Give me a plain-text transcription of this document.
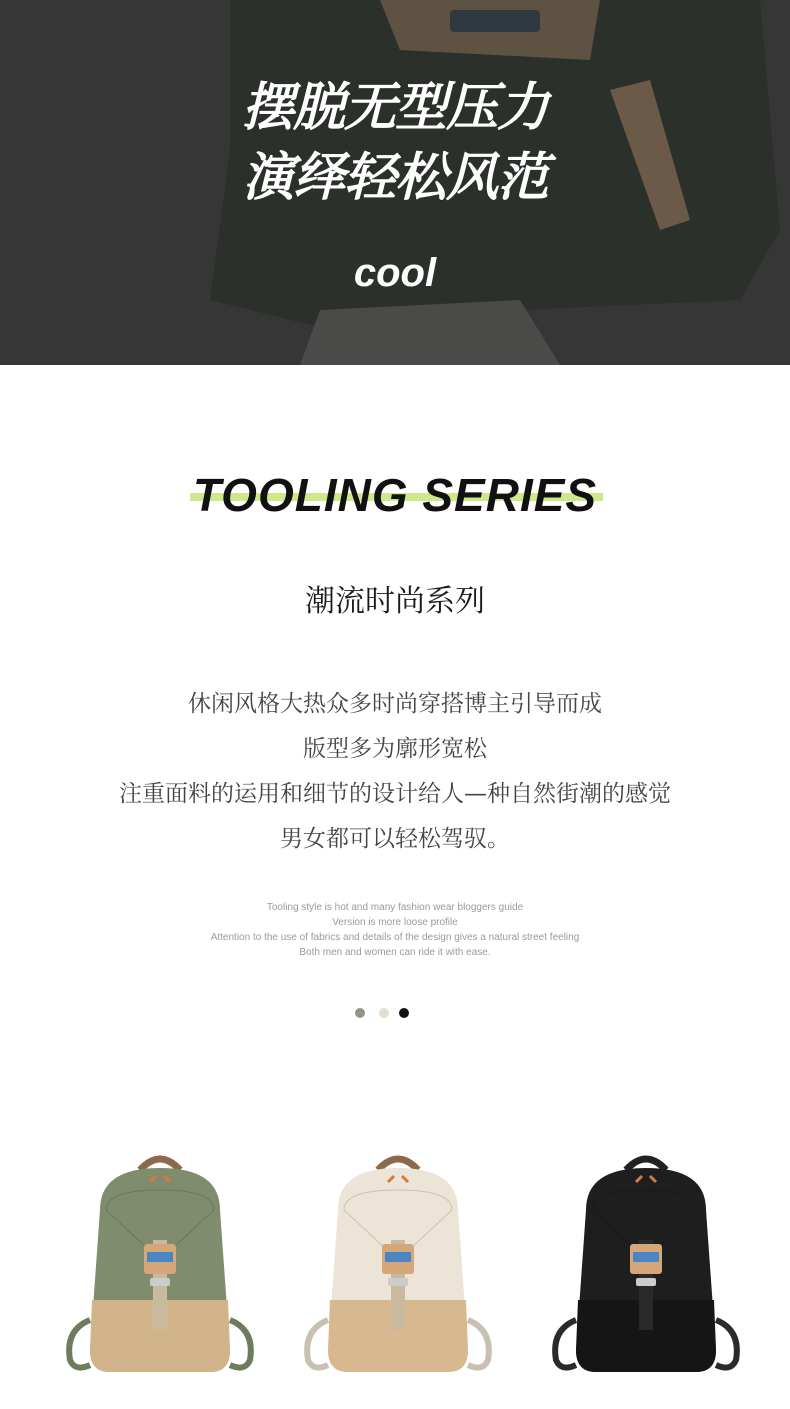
摆脱无型压力
演绎轻松风范
cool
TOOLING SERIES
潮流时尚系列
休闲风格大热众多时尚穿搭博主引导而成
版型多为廓形宽松
注重面料的运用和细节的设计给人—种自然街潮的感觉
男女都可以轻松驾驭。
Tooling style is hot and many fashion wear bloggers guide
Version is more loose profile
Attention to the use of fabrics and details of the design gives a natural street feeling
Both men and women can ride it with ease.
